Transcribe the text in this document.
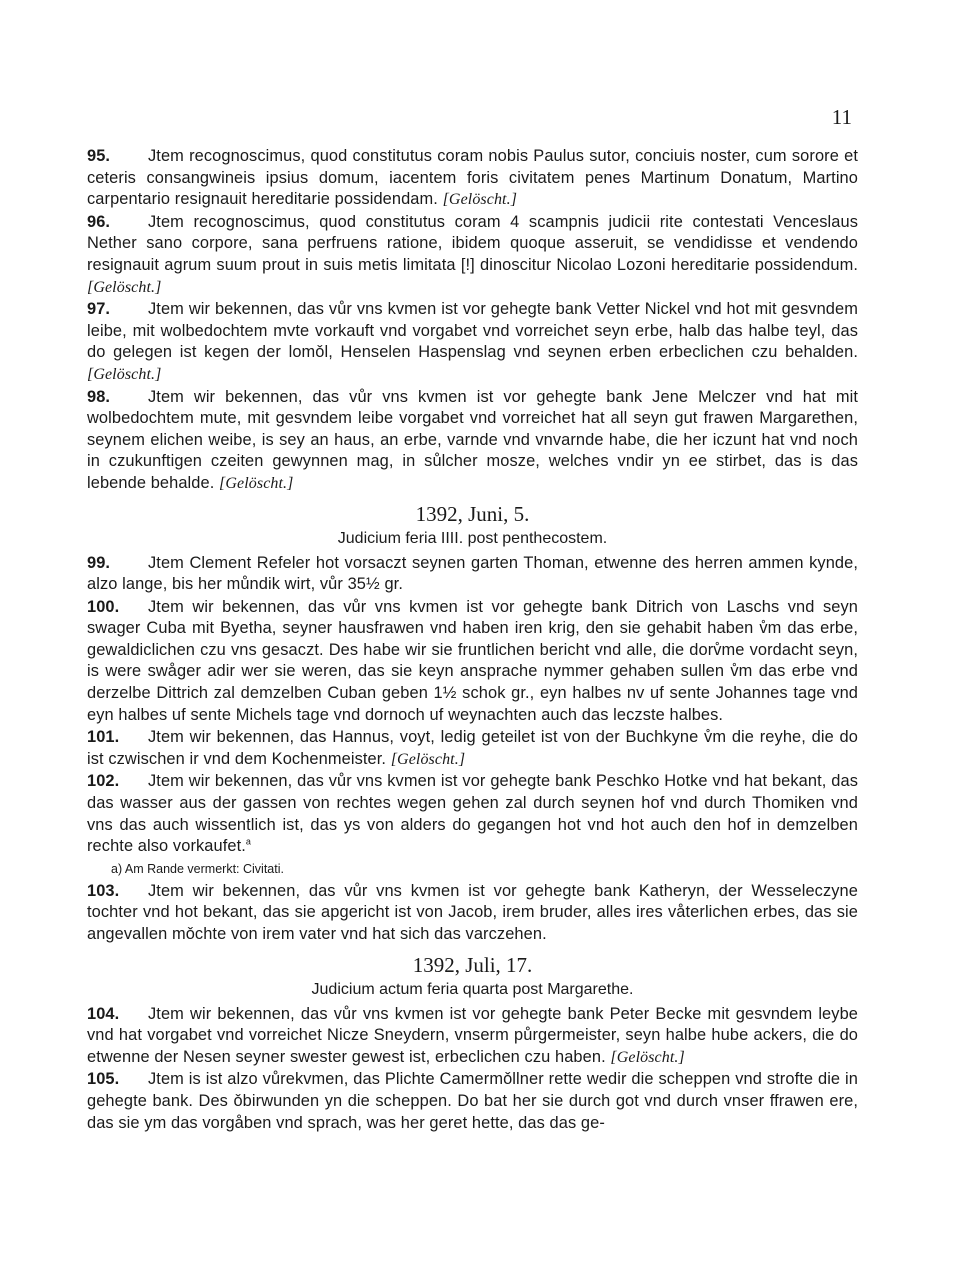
11

95. Jtem recognoscimus, quod constitutus coram nobis Paulus sutor, conciuis noster, cum sorore et ceteris consangwineis ipsius domum, iacentem foris civitatem penes Martinum Donatum, Martino carpentario resignauit hereditarie possidendam. [Gelöscht.]

96. Jtem recognoscimus, quod constitutus coram 4 scampnis judicii rite contestati Venceslaus Nether sano corpore, sana perfruens ratione, ibidem quoque asseruit, se vendidisse et vendendo resignauit agrum suum prout in suis metis limitata [!] dinoscitur Nicolao Lozoni hereditarie possidendum. [Gelöscht.]

97. Jtem wir bekennen, das vůr vns kvmen ist vor gehegte bank Vetter Nickel vnd hot mit gesvndem leibe, mit wolbedochtem mvte vorkauft vnd vorgabet vnd vorreichet seyn erbe, halb das halbe teyl, das do gelegen ist kegen der lomǒl, Henselen Haspenslag vnd seynen erben erbeclichen czu behalden. [Gelöscht.]

98. Jtem wir bekennen, das vůr vns kvmen ist vor gehegte bank Jene Melczer vnd hat mit wolbedochtem mute, mit gesvndem leibe vorgabet vnd vorreichet hat all seyn gut frawen Margarethen, seynem elichen weibe, is sey an haus, an erbe, varnde vnd vnvarnde habe, die her iczunt hat vnd noch in czukunftigen czeiten gewynnen mag, in sůlcher mosze, welches vndir yn ee stirbet, das is das lebende behalde. [Gelöscht.]

1392, Juni, 5.
Judicium feria IIII. post penthecostem.

99. Jtem Clement Refeler hot vorsaczt seynen garten Thoman, etwenne des herren ammen kynde, alzo lange, bis her můndik wirt, vůr 35½ gr.

100. Jtem wir bekennen, das vůr vns kvmen ist vor gehegte bank Ditrich von Laschs vnd seyn swager Cuba mit Byetha, seyner hausfrawen vnd haben iren krig, den sie gehabit haben v̊m das erbe, gewaldiclichen czu vns gesaczt. Des habe wir sie fruntlichen bericht vnd alle, die dorv̊me vordacht seyn, is were swåger adir wer sie weren, das sie keyn ansprache nymmer gehaben sullen v̊m das erbe vnd derzelbe Dittrich zal demzelben Cuban geben 1½ schok gr., eyn halbes nv uf sente Johannes tage vnd eyn halbes uf sente Michels tage vnd dornoch uf weynachten auch das leczste halbes.

101. Jtem wir bekennen, das Hannus, voyt, ledig geteilet ist von der Buchkyne v̊m die reyhe, die do ist czwischen ir vnd dem Kochenmeister. [Gelöscht.]

102. Jtem wir bekennen, das vůr vns kvmen ist vor gehegte bank Peschko Hotke vnd hat bekant, das das wasser aus der gassen von rechtes wegen gehen zal durch seynen hof vnd durch Thomiken vnd vns das auch wissentlich ist, das ys von alders do gegangen hot vnd hot auch den hof in demzelben rechte also vorkaufet.$^a$

a) Am Rande vermerkt: Civitati.

103. Jtem wir bekennen, das vůr vns kvmen ist vor gehegte bank Katheryn, der Wesseleczyne tochter vnd hot bekant, das sie apgericht ist von Jacob, irem bruder, alles ires våterlichen erbes, das sie angevallen mǒchte von irem vater vnd hat sich das varczehen.

1392, Juli, 17.
Judicium actum feria quarta post Margarethe.

104. Jtem wir bekennen, das vůr vns kvmen ist vor gehegte bank Peter Becke mit gesvndem leybe vnd hat vorgabet vnd vorreichet Nicze Sneydern, vnserm půrgermeister, seyn halbe hube ackers, die do etwenne der Nesen seyner swester gewest ist, erbeclichen czu haben. [Gelöscht.]

105. Jtem is ist alzo vůrekvmen, das Plichte Camermǒllner rette wedir die scheppen vnd strofte die in gehegte bank. Des ǒbirwunden yn die scheppen. Do bat her sie durch got vnd durch vnser ffrawen ere, das sie ym das vorgåben vnd sprach, was her geret hette, das das ge-
